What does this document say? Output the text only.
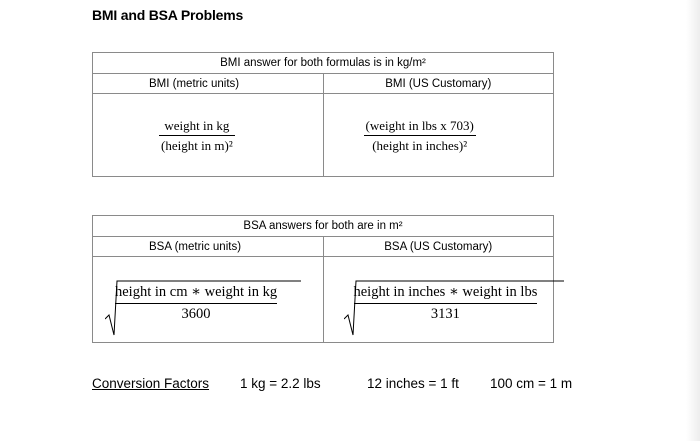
BMI and BSA Problems
BMI answer for both formulas is in kg/m²	
BMI (metric units)	BMI (US Customary)

$\frac{\text{weight in kg}}{\text{(height in m)²}}$	$\frac{\text{(weight in lbs x 703)}}{\text{(height in inches)²}}$
BSA answers for both are in m²	
BSA (metric units)	BSA (US Customary)

$\frac{\text{height in cm ∗ weight in kg}}{3600}$	$\frac{\text{height in inches ∗ weight in lbs}}{3131}$
Conversion Factors 1 kg = 2.2 lbs	12 inches = 1 ft 100 cm = 1 m
